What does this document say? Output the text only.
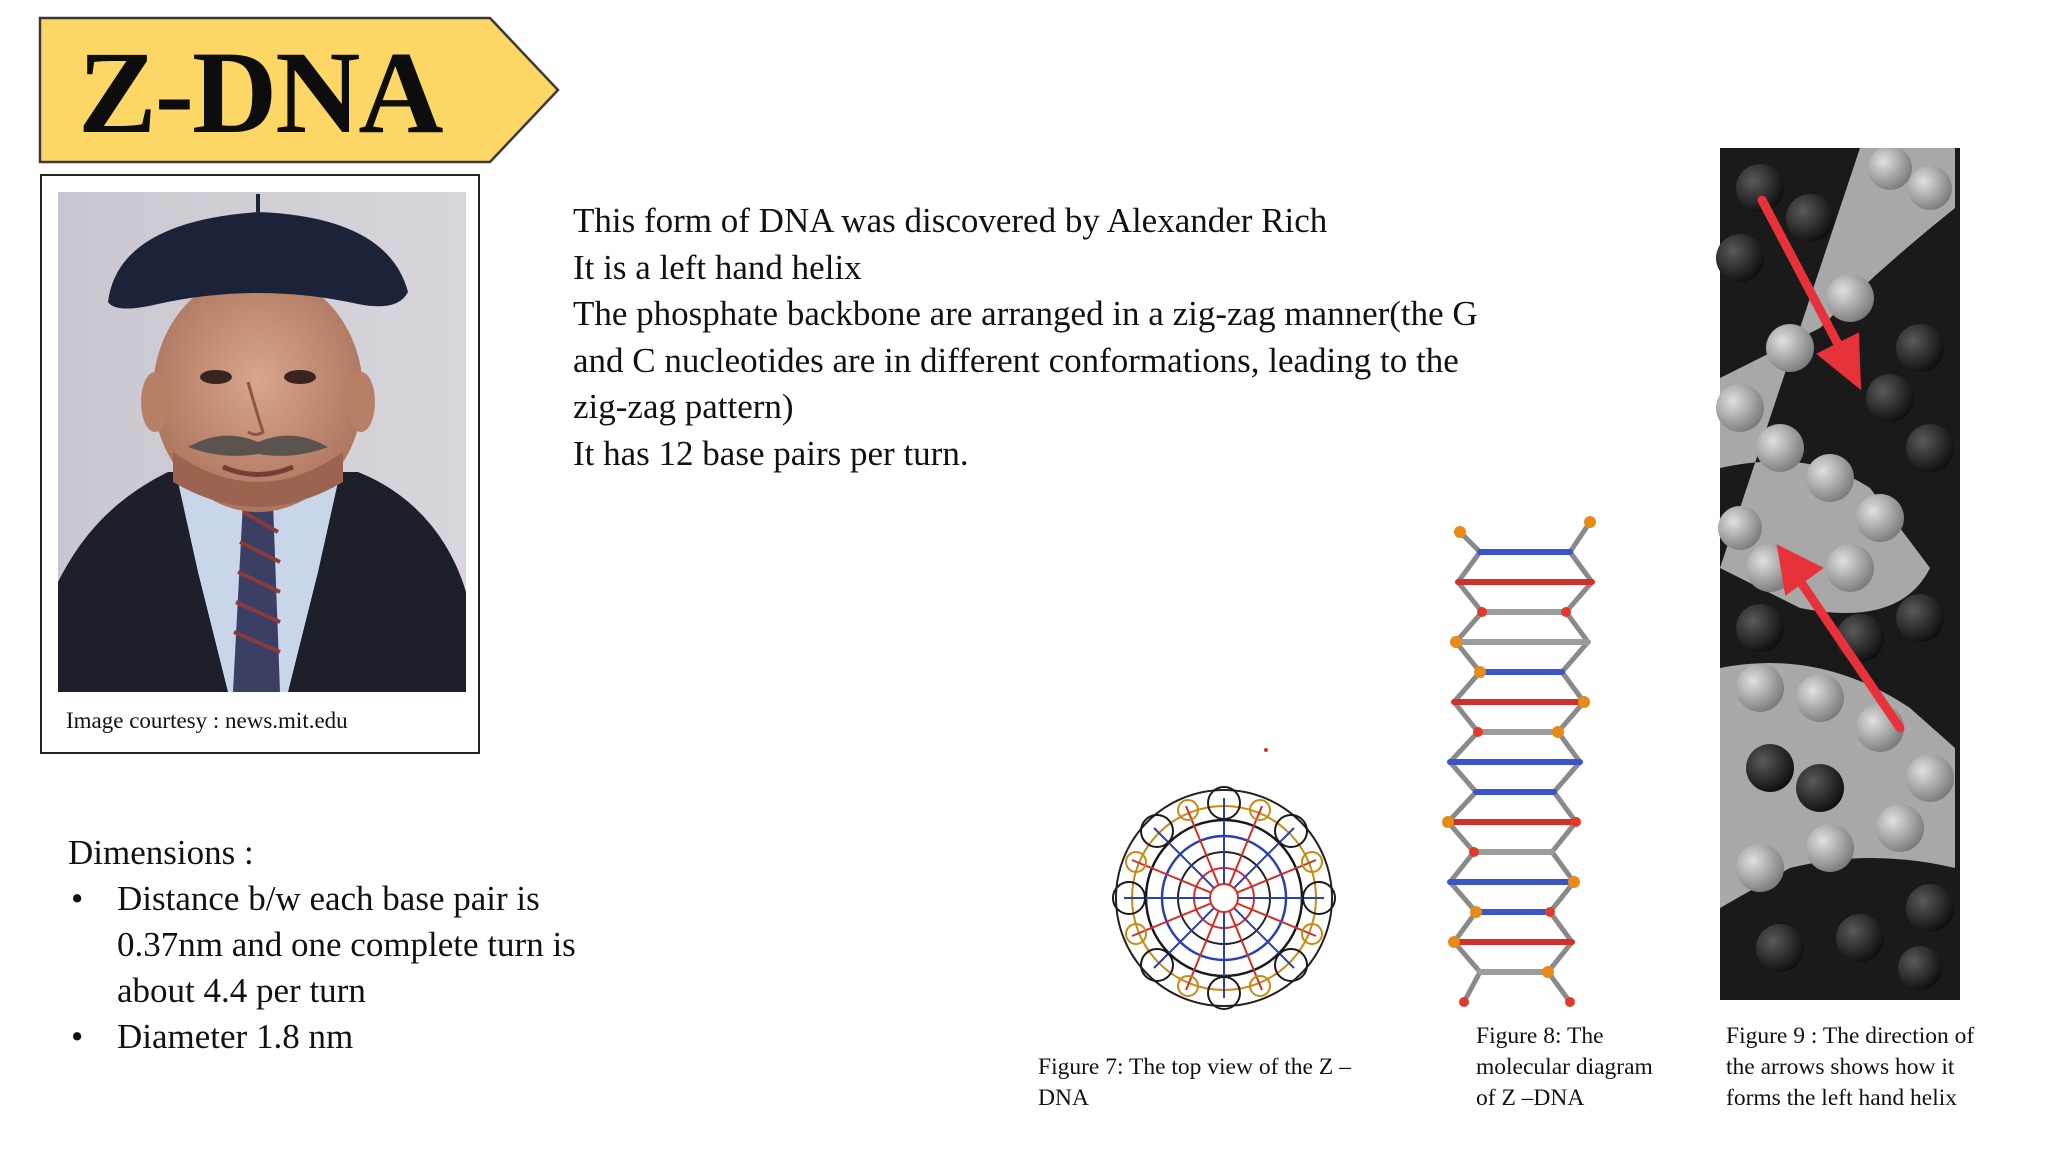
Z-DNA
Image courtesy : news.mit.edu

This form of DNA was discovered by Alexander Rich

It is a left hand helix

The phosphate backbone are arranged in a zig-zag manner(the G

and C nucleotides are in different conformations, leading to the

zig-zag pattern)

It has 12 base pairs per turn.

Dimensions :

• Distance b/w each base pair is
0.37nm and one complete turn is
about 4.4 per turn
• Diameter 1.8 nm
Figure 7: The top view of the Z –
DNA
Figure 8: The
molecular diagram
of Z –DNA
Figure 9 : The direction of
the arrows shows how it
forms the left hand helix
